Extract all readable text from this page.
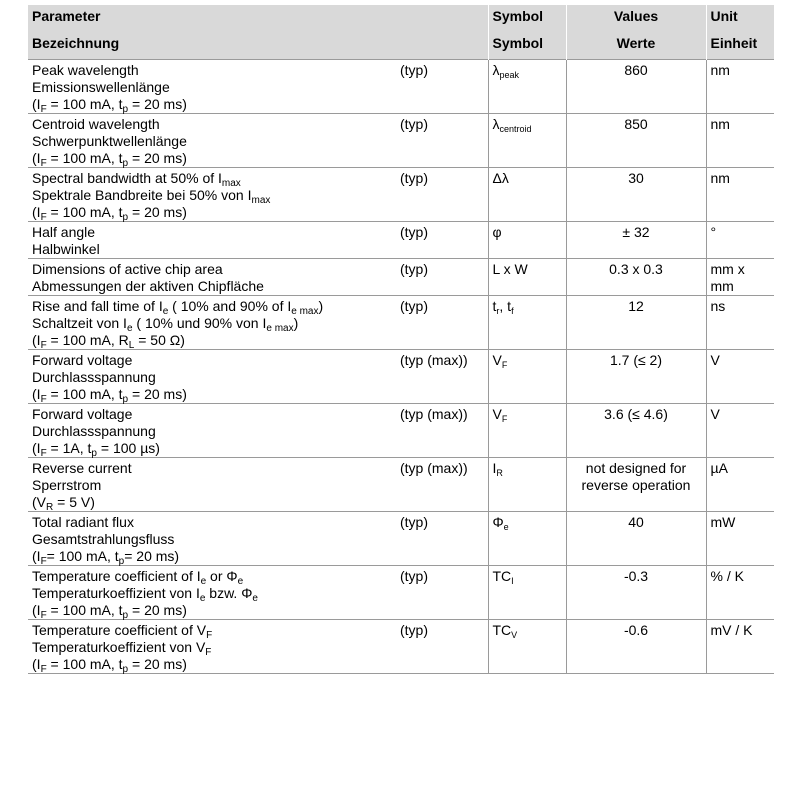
Parameter		Symbol	Values	Unit
Bezeichnung		Symbol	Werte	Einheit

Peak wavelength
Emissionswellenlänge
($I_F = 100$ mA, $t_p = 20$ ms)	(typ)	$\lambda_{peak}$	860	nm

Centroid wavelength
Schwerpunktwellenlänge
($I_F = 100$ mA, $t_p = 20$ ms)	(typ)	$\lambda_{centroid}$	850	nm

Spectral bandwidth at 50% of $I_{max}$
Spektrale Bandbreite bei 50% von $I_{max}$
($I_F = 100$ mA, $t_p = 20$ ms)	(typ)	Δλ	30	nm

Half angle
Halbwinkel	(typ)	φ	± 32	°

Dimensions of active chip area
Abmessungen der aktiven Chipfläche	(typ)	L x W	0.3 x 0.3	mm x
mm

Rise and fall time of $I_e$ ( 10% and 90% of $I_{e max}$)
Schaltzeit von $I_e$ ( 10% und 90% von $I_{e max}$)
($I_F = 100$ mA, $R_L = 50$ Ω)	(typ)	$t_r$, $t_f$	12	ns

Forward voltage
Durchlassspannung
($I_F = 100$ mA, $t_p = 20$ ms)	(typ (max))	$V_F$	1.7 (≤ 2)	V

Forward voltage
Durchlassspannung
($I_F = 1A$, $t_p = 100$ µs)	(typ (max))	$V_F$	3.6 (≤ 4.6)	V

Reverse current
Sperrstrom
($V_R = 5$ V)	(typ (max))	$I_R$	not designed for
reverse operation	µA

Total radiant flux
Gesamtstrahlungsfluss
($I_F= 100$ mA, $t_p= 20$ ms)	(typ)	$\Phi_e$	40	mW

Temperature coefficient of $I_e$ or $\Phi_e$
Temperaturkoeffizient von $I_e$ bzw. $\Phi_e$
($I_F = 100$ mA, $t_p = 20$ ms)	(typ)	$TC_I$	-0.3	% / K

Temperature coefficient of $V_F$
Temperaturkoeffizient von $V_F$
($I_F = 100$ mA, $t_p = 20$ ms)	(typ)	$TC_V$	-0.6	mV / K
